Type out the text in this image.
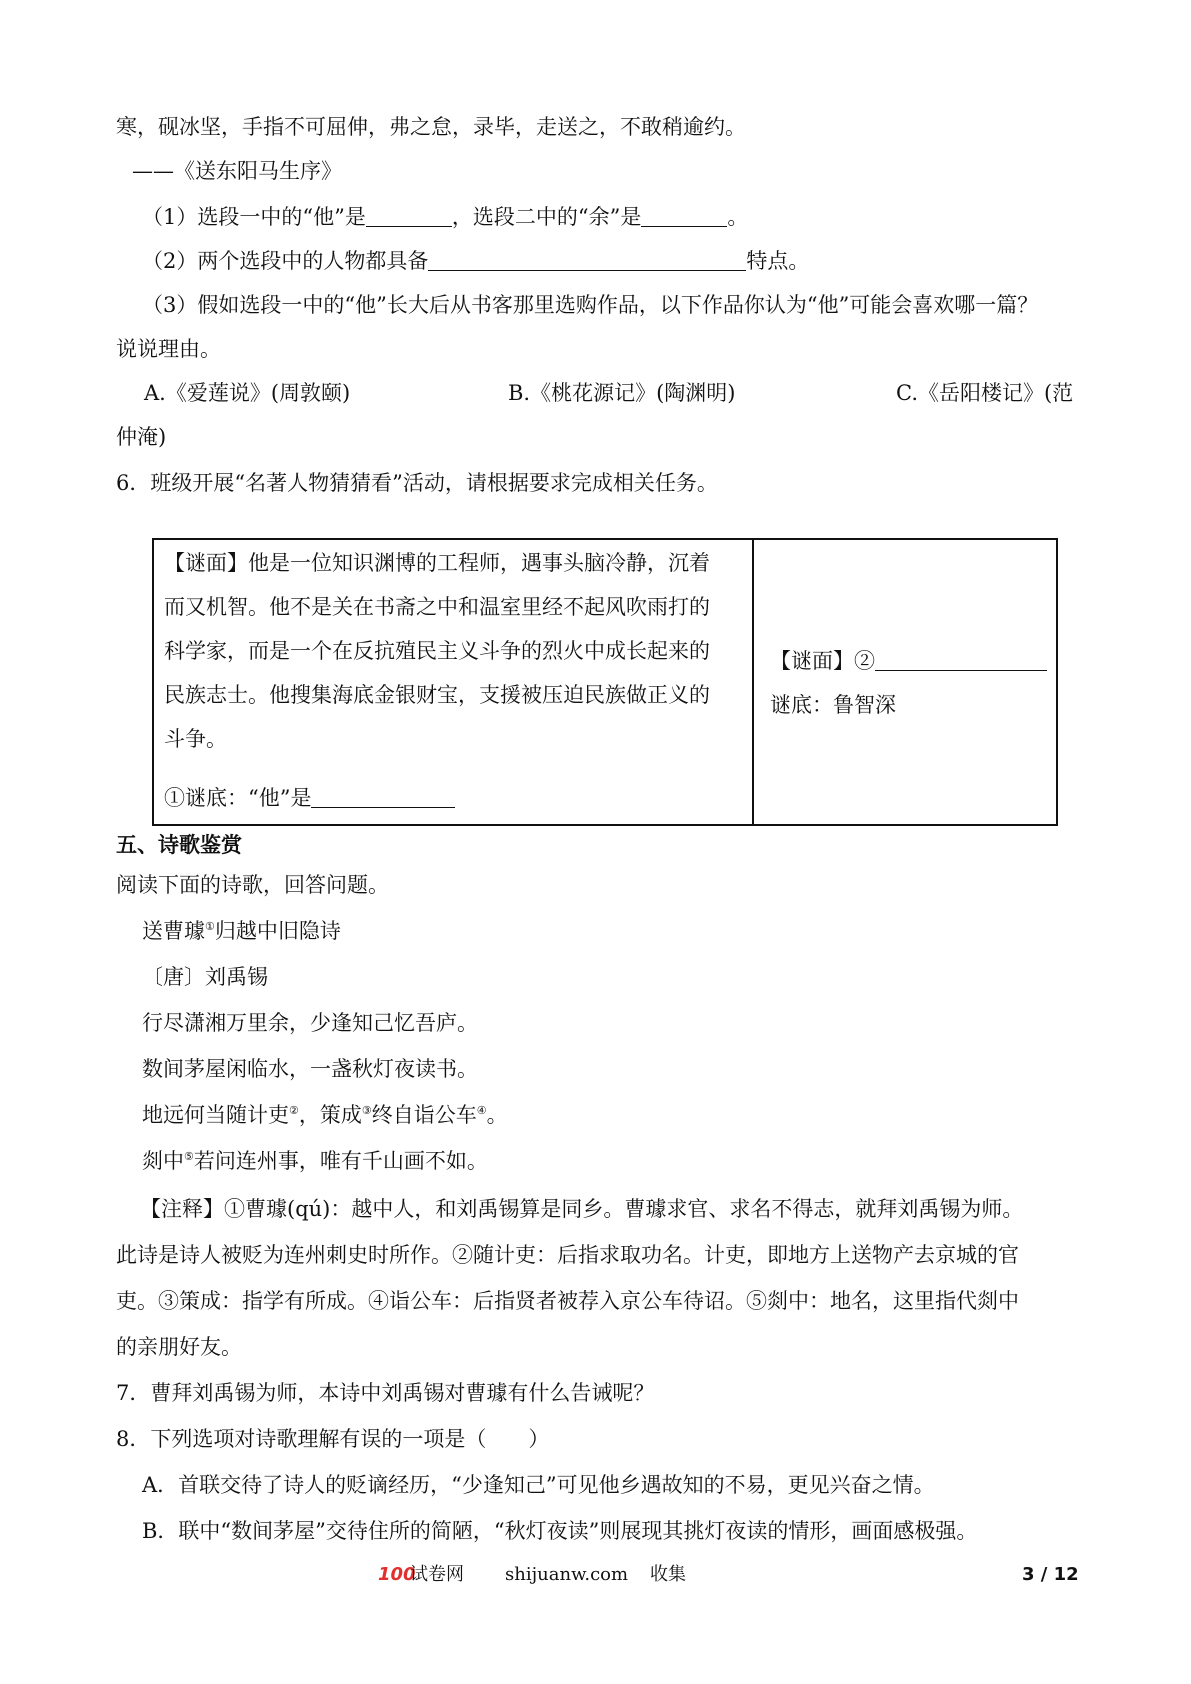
寒，砚冰坚，手指不可屈伸，弗之怠，录毕，走送之，不敢稍逾约。
——《送东阳马生序》
（1）选段一中的“他”是	，选段二中的“余”是	。
（2）两个选段中的人物都具备	特点。
（3）假如选段一中的“他”长大后从书客那里选购作品，以下作品你认为“他”可能会喜欢哪一篇？
说说理由。
A.《爱莲说》(周敦颐)	B.《桃花源记》(陶渊明)	C.《岳阳楼记》(范
仲淹)
6．班级开展“名著人物猜猜看”活动，请根据要求完成相关任务。
【谜面】他是一位知识渊博的工程师，遇事头脑冷静，沉着
而又机智。他不是关在书斋之中和温室里经不起风吹雨打的
科学家，而是一个在反抗殖民主义斗争的烈火中成长起来的
民族志士。他搜集海底金银财宝，支援被压迫民族做正义的
斗争。
①谜底：“他”是
【谜面】②
谜底：鲁智深
五、诗歌鉴赏
阅读下面的诗歌，回答问题。
送曹璩①归越中旧隐诗
〔唐〕刘禹锡
行尽潇湘万里余，少逢知己忆吾庐。
数间茅屋闲临水，一盏秋灯夜读书。
地远何当随计吏②，策成③终自诣公车④。
剡中⑤若问连州事，唯有千山画不如。
【注释】①曹璩(qú)：越中人，和刘禹锡算是同乡。曹璩求官、求名不得志，就拜刘禹锡为师。
此诗是诗人被贬为连州刺史时所作。②随计吏：后指求取功名。计吏，即地方上送物产去京城的官
吏。③策成：指学有所成。④诣公车：后指贤者被荐入京公车待诏。⑤剡中：地名，这里指代剡中
的亲朋好友。
7．曹拜刘禹锡为师，本诗中刘禹锡对曹璩有什么告诫呢？
8．下列选项对诗歌理解有误的一项是（　　）
A．首联交待了诗人的贬谪经历，“少逢知己”可见他乡遇故知的不易，更见兴奋之情。
B．联中“数间茅屋”交待住所的简陋，“秋灯夜读”则展现其挑灯夜读的情形，画面感极强。
100
试卷网 shijuanw.com 收集	3 / 12
